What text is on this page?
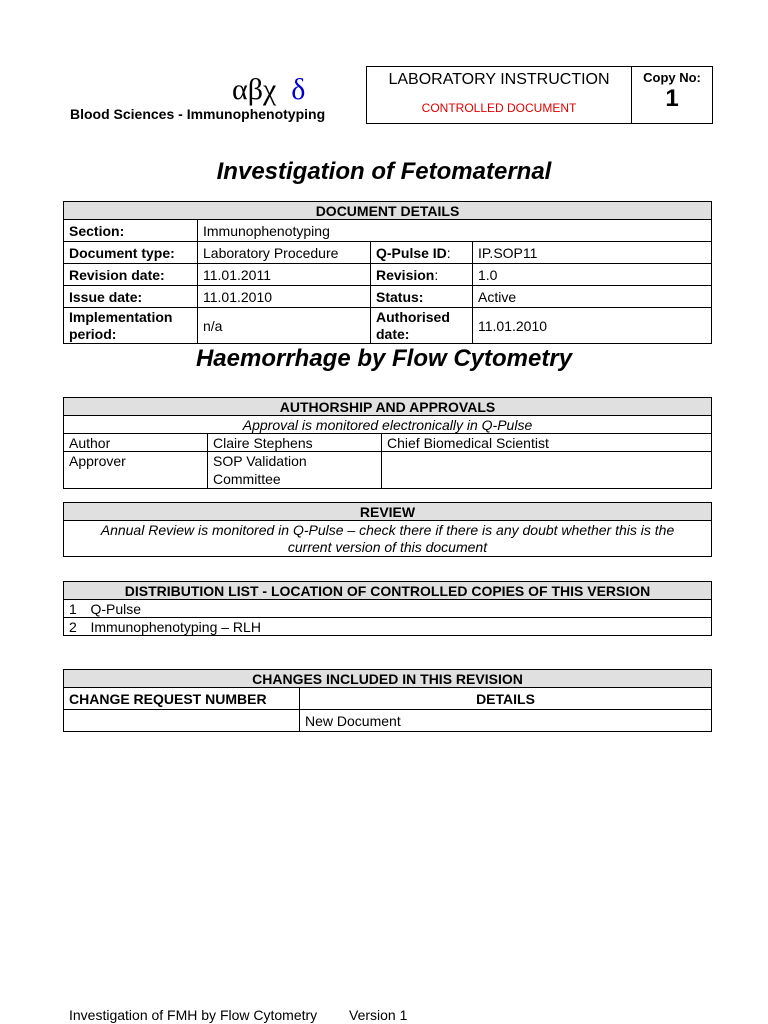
αβχ δ
Blood Sciences - Immunophenotyping
LABORATORY INSTRUCTION
CONTROLLED DOCUMENT
Copy No:
1
Investigation of Fetomaternal
DOCUMENT DETAILS			
Section:	Immunophenotyping		
Document type:	Laboratory Procedure	Q-Pulse ID:	IP.SOP11
Revision date:	11.01.2011	Revision:	1.0
Issue date:	11.01.2010	Status:	Active
Implementation period:	n/a	Authorised date:	11.01.2010
Haemorrhage by Flow Cytometry
AUTHORSHIP AND APPROVALS		
Approval is monitored electronically in Q-Pulse		
Author	Claire Stephens	Chief Biomedical Scientist
Approver	SOP Validation Committee	
REVIEW
Annual Review is monitored in Q-Pulse – check there if there is any doubt whether this is the current version of this document
DISTRIBUTION LIST - LOCATION OF CONTROLLED COPIES OF THIS VERSION	
1	Q-Pulse
2	Immunophenotyping – RLH
CHANGES INCLUDED IN THIS REVISION	
CHANGE REQUEST NUMBER	DETAILS
	New Document
Investigation of FMH by Flow Cytometry Version 1
